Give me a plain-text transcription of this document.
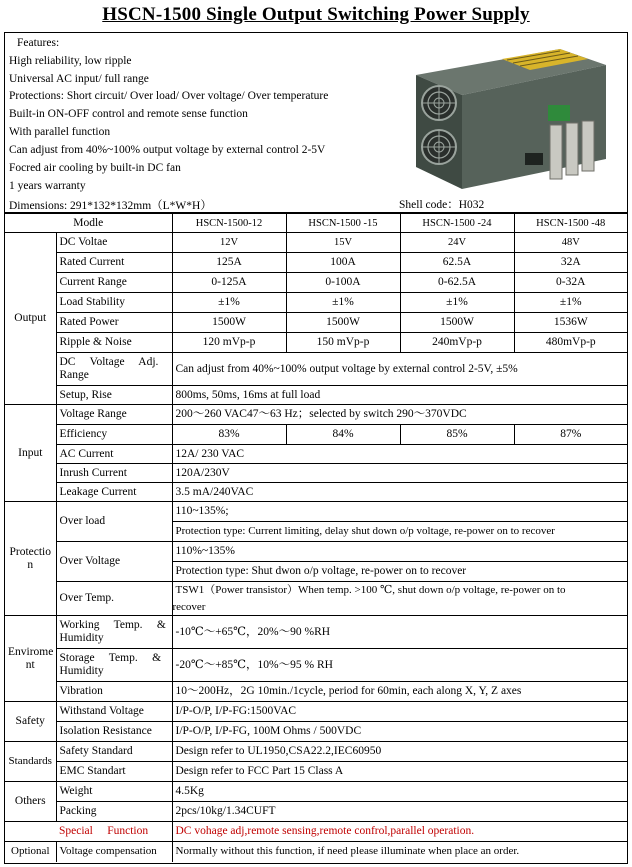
HSCN-1500 Single Output Switching Power Supply
Features:
High reliability, low ripple
Universal AC input/ full range
Protections: Short circuit/ Over load/ Over voltage/ Over temperature
Built-in ON-OFF control and remote sense function
With parallel function
Can adjust from 40%~100% output voltage by external control 2-5V
Focred air cooling by built-in DC fan
1 years warranty
Dimensions: 291*132*132mm（L*W*H）	Shell code：H032
Modle		HSCN-1500-12	HSCN-1500 -15	HSCN-1500 -24	HSCN-1500 -48
Output	DC Voltae	12V	15V	24V	48V
	Rated Current	125A	100A	62.5A	32A
	Current Range	0-125A	0-100A	0-62.5A	0-32A
	Load Stability	±1%	±1%	±1%	±1%
	Rated Power	1500W	1500W	1500W	1536W
	Ripple & Noise	120 mVp-p	150 mVp-p	240mVp-p	480mVp-p
	DC     Voltage     Adj.
Range	Can adjust from 40%~100% output voltage by external control 2-5V, ±5%			
	Setup, Rise	800ms, 50ms, 16ms at full load			
Input	Voltage Range	200～260 VAC47～63 Hz；selected by switch 290～370VDC			
	Efficiency	83%	84%	85%	87%
	AC Current	12A/ 230 VAC			
	Inrush Current	120A/230V			
	Leakage Current	3.5 mA/240VAC			
Protectio
n	Over load	110~135%;			
		Protection type: Current limiting, delay shut down o/p voltage, re-power on to recover			
	Over Voltage	110%~135%			
		Protection type: Shut dwon o/p voltage, re-power on to recover			
	Over Temp.	TSW1（Power transistor）When temp. >100 ℃, shut down o/p voltage, re-power on to			
		recover			
Envirome
nt	Working     Temp.     &
Humidity	-10℃～+65℃，20%～90 %RH			
	Storage     Temp.     &
Humidity	-20℃～+85℃，10%～95 % RH			
	Vibration	10～200Hz，2G 10min./1cycle, period for 60min, each along X, Y, Z axes			
Safety	Withstand Voltage	I/P-O/P, I/P-FG:1500VAC			
	Isolation Resistance	I/P-O/P, I/P-FG, 100M Ohms / 500VDC			
Standards	Safety Standard	Design refer to UL1950,CSA22.2,IEC60950			
	EMC Standart	Design refer to FCC Part 15 Class A			
Others	Weight	4.5Kg			
	Packing	2pcs/10kg/1.34CUFT			
	Special     Function	DC vohage adj,remote sensing,remote confrol,parallel operation.			
Optional	Voltage compensation	Normally without this function, if need please illuminate when place an order.			
